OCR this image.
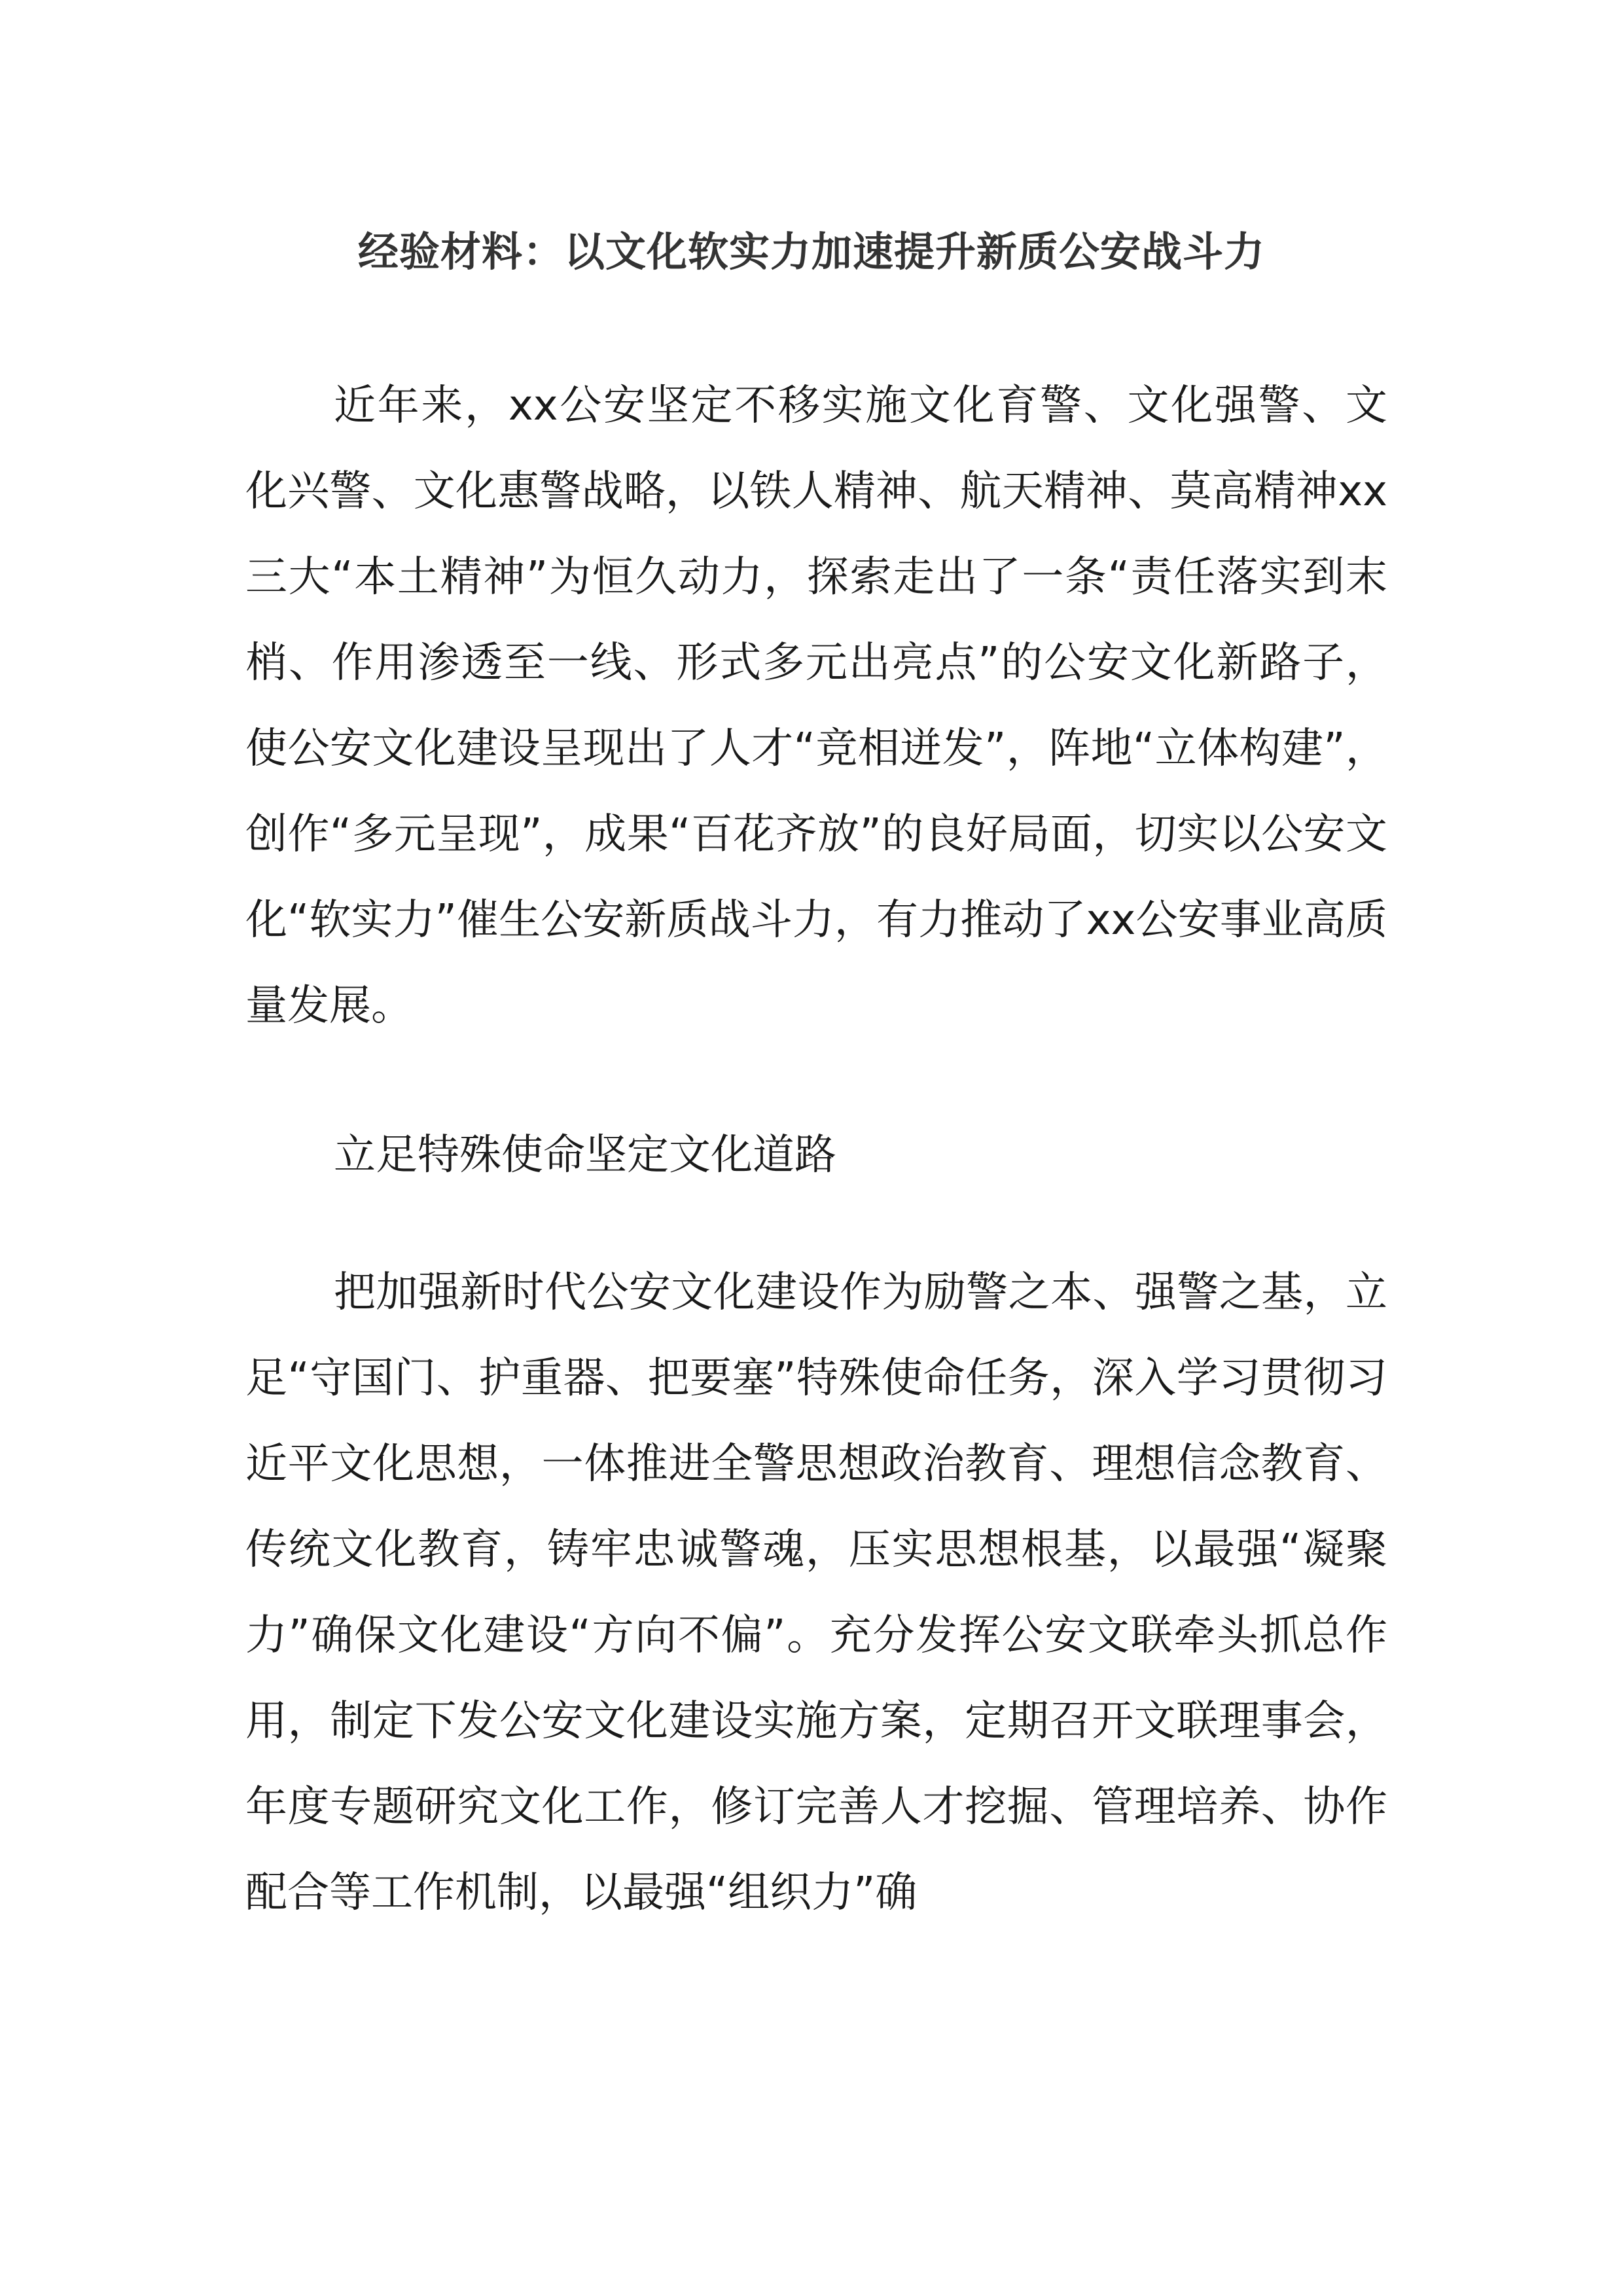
经验材料：以文化软实力加速提升新质公安战斗力

近年来，xx公安坚定不移实施文化育警、文化强警、文化兴警、文化惠警战略，以铁人精神、航天精神、莫高精神xx三大“本土精神”为恒久动力，探索走出了一条“责任落实到末梢、作用渗透至一线、形式多元出亮点”的公安文化新路子，使公安文化建设呈现出了人才“竞相迸发”，阵地“立体构建”，创作“多元呈现”，成果“百花齐放”的良好局面，切实以公安文化“软实力”催生公安新质战斗力，有力推动了xx公安事业高质量发展。

立足特殊使命坚定文化道路

把加强新时代公安文化建设作为励警之本、强警之基，立足“守国门、护重器、把要塞”特殊使命任务，深入学习贯彻习近平文化思想，一体推进全警思想政治教育、理想信念教育、传统文化教育，铸牢忠诚警魂，压实思想根基，以最强“凝聚力”确保文化建设“方向不偏”。充分发挥公安文联牵头抓总作用，制定下发公安文化建设实施方案，定期召开文联理事会，年度专题研究文化工作，修订完善人才挖掘、管理培养、协作配合等工作机制，以最强“组织力”确
